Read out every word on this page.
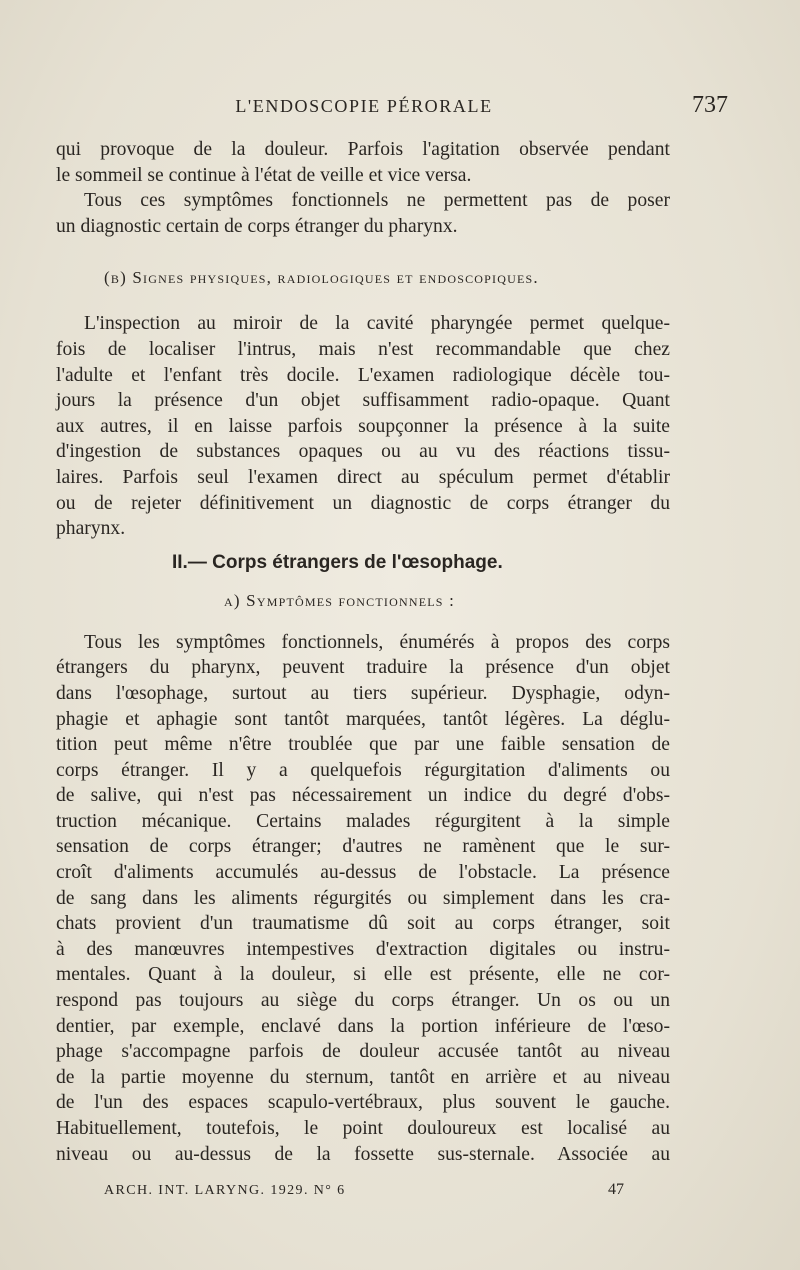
L'ENDOSCOPIE PÉRORALE	737
qui provoque de la douleur. Parfois l'agitation observée pendant
le sommeil se continue à l'état de veille et vice versa.
Tous ces symptômes fonctionnels ne permettent pas de poser
un diagnostic certain de corps étranger du pharynx.
(b) Signes physiques, radiologiques et endoscopiques.
L'inspection au miroir de la cavité pharyngée permet quelque-
fois de localiser l'intrus, mais n'est recommandable que chez
l'adulte et l'enfant très docile. L'examen radiologique décèle tou-
jours la présence d'un objet suffisamment radio-opaque. Quant
aux autres, il en laisse parfois soupçonner la présence à la suite
d'ingestion de substances opaques ou au vu des réactions tissu-
laires. Parfois seul l'examen direct au spéculum permet d'établir
ou de rejeter définitivement un diagnostic de corps étranger du
pharynx.
II.— Corps étrangers de l'œsophage.
a) Symptômes fonctionnels :
Tous les symptômes fonctionnels, énumérés à propos des corps
étrangers du pharynx, peuvent traduire la présence d'un objet
dans l'œsophage, surtout au tiers supérieur. Dysphagie, odyn-
phagie et aphagie sont tantôt marquées, tantôt légères. La déglu-
tition peut même n'être troublée que par une faible sensation de
corps étranger. Il y a quelquefois régurgitation d'aliments ou
de salive, qui n'est pas nécessairement un indice du degré d'obs-
truction mécanique. Certains malades régurgitent à la simple
sensation de corps étranger; d'autres ne ramènent que le sur-
croît d'aliments accumulés au-dessus de l'obstacle. La présence
de sang dans les aliments régurgités ou simplement dans les cra-
chats provient d'un traumatisme dû soit au corps étranger, soit
à des manœuvres intempestives d'extraction digitales ou instru-
mentales. Quant à la douleur, si elle est présente, elle ne cor-
respond pas toujours au siège du corps étranger. Un os ou un
dentier, par exemple, enclavé dans la portion inférieure de l'œso-
phage s'accompagne parfois de douleur accusée tantôt au niveau
de la partie moyenne du sternum, tantôt en arrière et au niveau
de l'un des espaces scapulo-vertébraux, plus souvent le gauche.
Habituellement, toutefois, le point douloureux est localisé au
niveau ou au-dessus de la fossette sus-sternale. Associée au
ARCH. INT. LARYNG. 1929. N° 6	47
